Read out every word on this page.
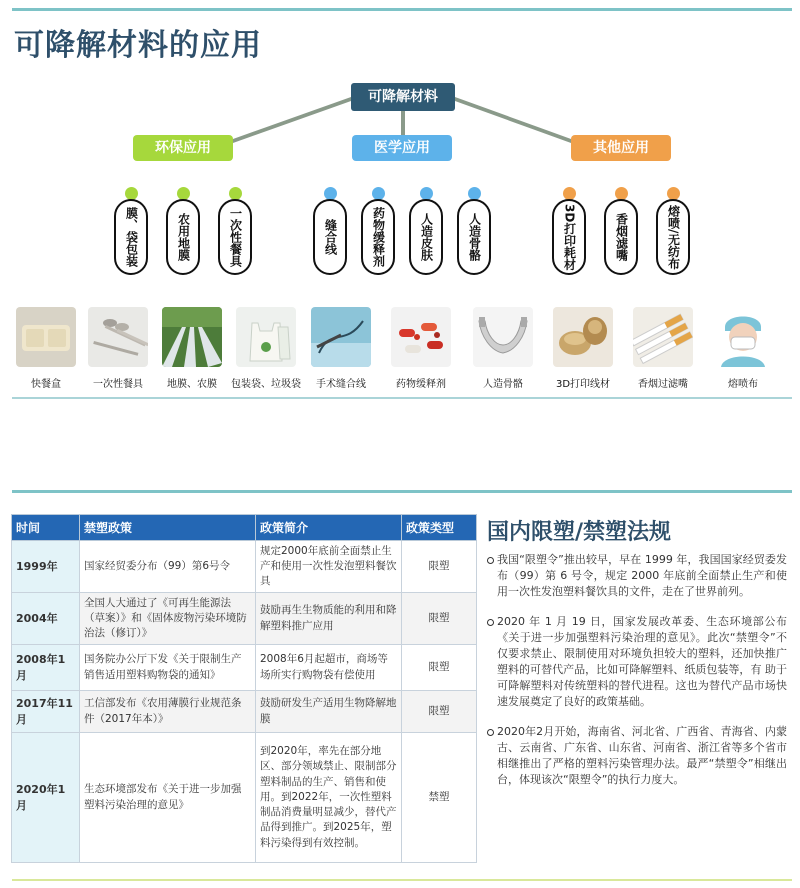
可降解材料的应用
可降解材料
环保应用	医学应用	其他应用
膜、袋包装	农用地膜	一次性餐具	缝合线	药物缓释剂	人造皮肤	人造骨骼	3D打印耗材	香烟滤嘴	熔喷/无纺布
快餐盒	一次性餐具	地膜、农膜	包装袋、垃圾袋	手术缝合线	药物缓释剂	人造骨骼	3D打印线材	香烟过滤嘴	熔喷布
时间	禁塑政策	政策简介	政策类型
1999年	国家经贸委分布（99）第6号令	规定2000年底前全面禁止生产和使用一次性发泡塑料餐饮具	限塑
2004年	全国人大通过了《可再生能源法（草案）》和《固体废物污染环境防治法（修订）》	鼓励再生生物质能的利用和降解塑料推广应用	限塑
2008年1月	国务院办公厅下发《关于限制生产销售适用塑料购物袋的通知》	2008年6月起超市，商场等场所实行购物袋有偿使用	限塑
2017年11月	工信部发布《农用薄膜行业规范条件（2017年本）》	鼓励研发生产适用生物降解地膜	限塑
2020年1月	生态环境部发布《关于进一步加强塑料污染治理的意见》	到2020年，率先在部分地区、部分领域禁止、限制部分塑料制品的生产、销售和使用。到2022年，一次性塑料制品消费量明显减少，替代产品得到推广。到2025年，塑料污染得到有效控制。	禁塑
国内限塑/禁塑法规
我国“限塑令”推出较早，早在 1999 年，我国国家经贸委发布（99）第 6 号令，规定 2000 年底前全面禁止生产和使用一次性发泡塑料餐饮具的文件，走在了世界前列。
2020 年 1 月 19 日，国家发展改革委、生态环境部公布《关于进一步加强塑料污染治理的意见》。此次“禁塑令”不仅要求禁止、限制使用对环境负担较大的塑料，还加快推广塑料的可替代产品，比如可降解塑料、纸质包装等，有 助于可降解塑料对传统塑料的替代进程。这也为替代产品市场快速发展奠定了良好的政策基础。
2020年2月开始，海南省、河北省、广西省、青海省、内蒙古、云南省、广东省、山东省、河南省、浙江省等多个省市相继推出了严格的塑料污染管理办法。最严“禁塑令”相继出台，体现该次“限塑令”的执行力度大。
